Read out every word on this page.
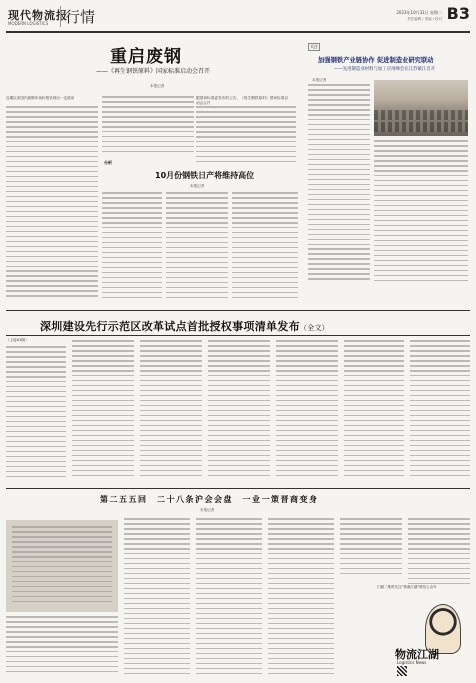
现代物流报
MODERN LOGISTICS	行情	2023年10月31日 星期二
责任编辑 / 美编 / 校对 B3
重启废钢
——《再生钢铁原料》国家标准启动会召开
本报记者
近期以来国内废钢市场价格呈现出一定波动
分析
据国家标准委发布的公告，《再生钢铁原料》国家标准启动会召开
10月份钢铁日产将维持高位
本报记者
关注
加强钢铁产业链协作 促进制造业研究联动
——先进制造业材料与加工应用峰会在江苏镇江召开
本报记者
深圳建设先行示范区改革试点首批授权事项清单发布（全文）
（上接A3版）
第二五五回　二十八条沪会会盘　一业一策晋商变身
本报记者
扫描二维码关注“物流江湖”微信公众号
物流江湖
Logistics News
